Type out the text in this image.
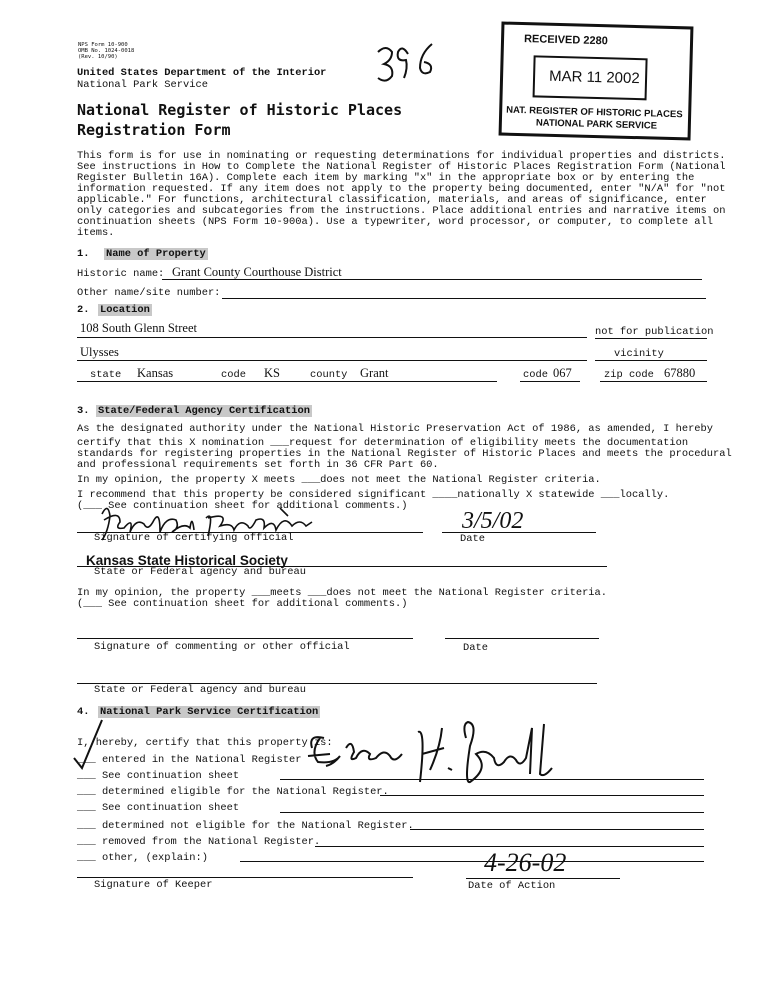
NPS Form 10-900
OMB No. 1024-0018
(Rev. 10/90)
United States Department of the Interior
National Park Service
RECEIVED 2280
MAR 11 2002
NAT. REGISTER OF HISTORIC PLACES
NATIONAL PARK SERVICE
National Register of Historic Places
Registration Form
This form is for use in nominating or requesting determinations for individual properties and districts.
See instructions in How to Complete the National Register of Historic Places Registration Form (National
Register Bulletin 16A). Complete each item by marking "x" in the appropriate box or by entering the
information requested. If any item does not apply to the property being documented, enter "N/A" for "not
applicable." For functions, architectural classification, materials, and areas of significance, enter
only categories and subcategories from the instructions. Place additional entries and narrative items on
continuation sheets (NPS Form 10-900a). Use a typewriter, word processor, or computer, to complete all
items.
1. Name of Property
Historic name: Grant County Courthouse District
Other name/site number:
2. Location
108 South Glenn Street	not for publication
Ulysses	vicinity
state Kansas	code KS	county Grant	code 067	zip code 67880
3. State/Federal Agency Certification
As the designated authority under the National Historic Preservation Act of 1986, as amended, I hereby
certify that this X nomination ___request for determination of eligibility meets the documentation
standards for registering properties in the National Register of Historic Places and meets the procedural
and professional requirements set forth in 36 CFR Part 60.
In my opinion, the property X meets ___does not meet the National Register criteria.
I recommend that this property be considered significant ____nationally X statewide ___locally.
(___ See continuation sheet for additional comments.)
Signature of certifying official
3/5/02
Date
Kansas State Historical Society
State or Federal agency and bureau
In my opinion, the property ___meets ___does not meet the National Register criteria.
(___ See continuation sheet for additional comments.)
Signature of commenting or other official	Date
State or Federal agency and bureau
4. National Park Service Certification
I, hereby, certify that this property is:
___ entered in the National Register
___ See continuation sheet
___ determined eligible for the National Register.
___ See continuation sheet
___ determined not eligible for the National Register.
___ removed from the National Register.
___ other, (explain:)
Signature of Keeper
4-26-02
Date of Action
